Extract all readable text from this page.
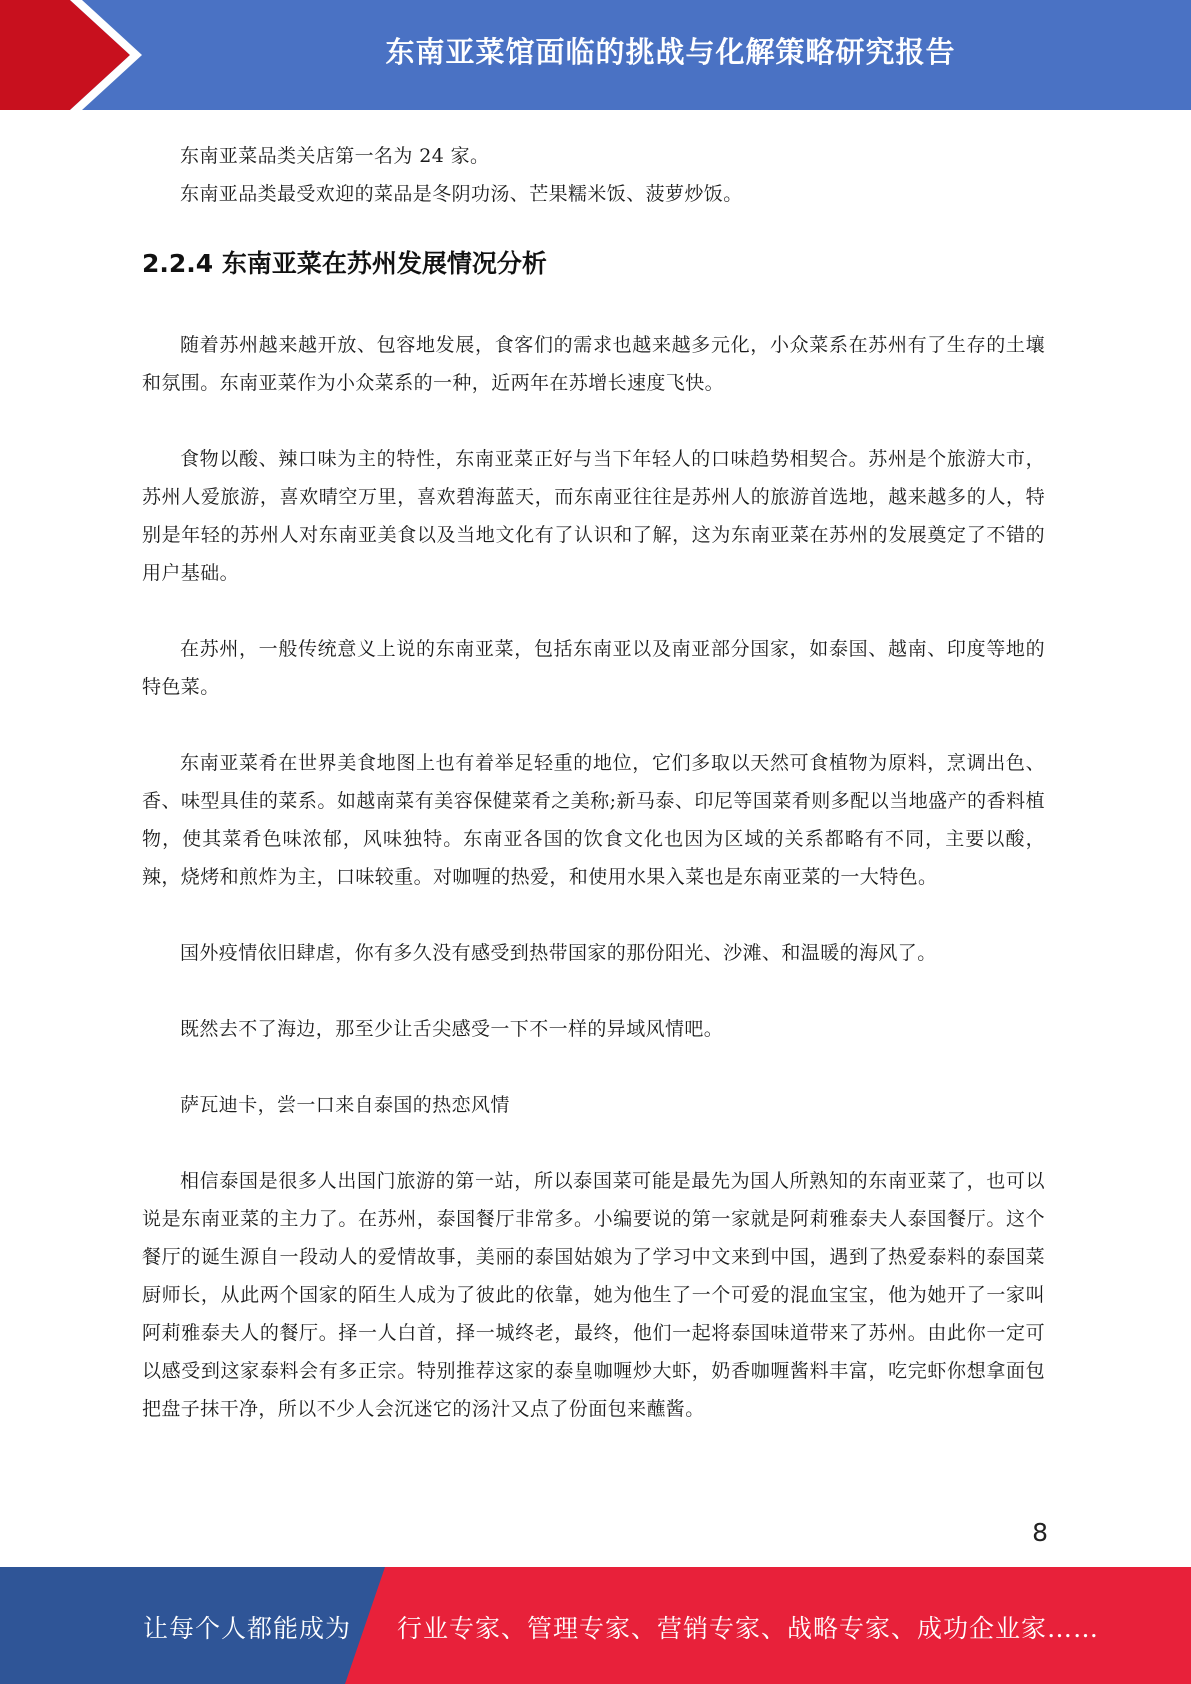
东南亚菜馆面临的挑战与化解策略研究报告

东南亚菜品类关店第一名为 24 家。

东南亚品类最受欢迎的菜品是冬阴功汤、芒果糯米饭、菠萝炒饭。

2.2.4 东南亚菜在苏州发展情况分析

随着苏州越来越开放、包容地发展，食客们的需求也越来越多元化，小众菜系在苏州有了生存的土壤和氛围。东南亚菜作为小众菜系的一种，近两年在苏增长速度飞快。

食物以酸、辣口味为主的特性，东南亚菜正好与当下年轻人的口味趋势相契合。苏州是个旅游大市，苏州人爱旅游，喜欢晴空万里，喜欢碧海蓝天，而东南亚往往是苏州人的旅游首选地，越来越多的人，特别是年轻的苏州人对东南亚美食以及当地文化有了认识和了解，这为东南亚菜在苏州的发展奠定了不错的用户基础。

在苏州，一般传统意义上说的东南亚菜，包括东南亚以及南亚部分国家，如泰国、越南、印度等地的特色菜。

东南亚菜肴在世界美食地图上也有着举足轻重的地位，它们多取以天然可食植物为原料，烹调出色、香、味型具佳的菜系。如越南菜有美容保健菜肴之美称;新马泰、印尼等国菜肴则多配以当地盛产的香料植物，使其菜肴色味浓郁，风味独特。东南亚各国的饮食文化也因为区域的关系都略有不同，主要以酸，辣，烧烤和煎炸为主，口味较重。对咖喱的热爱，和使用水果入菜也是东南亚菜的一大特色。

国外疫情依旧肆虐，你有多久没有感受到热带国家的那份阳光、沙滩、和温暖的海风了。

既然去不了海边，那至少让舌尖感受一下不一样的异域风情吧。

萨瓦迪卡，尝一口来自泰国的热恋风情

相信泰国是很多人出国门旅游的第一站，所以泰国菜可能是最先为国人所熟知的东南亚菜了，也可以说是东南亚菜的主力了。在苏州，泰国餐厅非常多。小编要说的第一家就是阿莉雅泰夫人泰国餐厅。这个餐厅的诞生源自一段动人的爱情故事，美丽的泰国姑娘为了学习中文来到中国，遇到了热爱泰料的泰国菜厨师长，从此两个国家的陌生人成为了彼此的依靠，她为他生了一个可爱的混血宝宝，他为她开了一家叫阿莉雅泰夫人的餐厅。择一人白首，择一城终老，最终，他们一起将泰国味道带来了苏州。由此你一定可以感受到这家泰料会有多正宗。特别推荐这家的泰皇咖喱炒大虾，奶香咖喱酱料丰富，吃完虾你想拿面包把盘子抹干净，所以不少人会沉迷它的汤汁又点了份面包来蘸酱。

8
让每个人都能成为 行业专家、管理专家、营销专家、战略专家、成功企业家……
